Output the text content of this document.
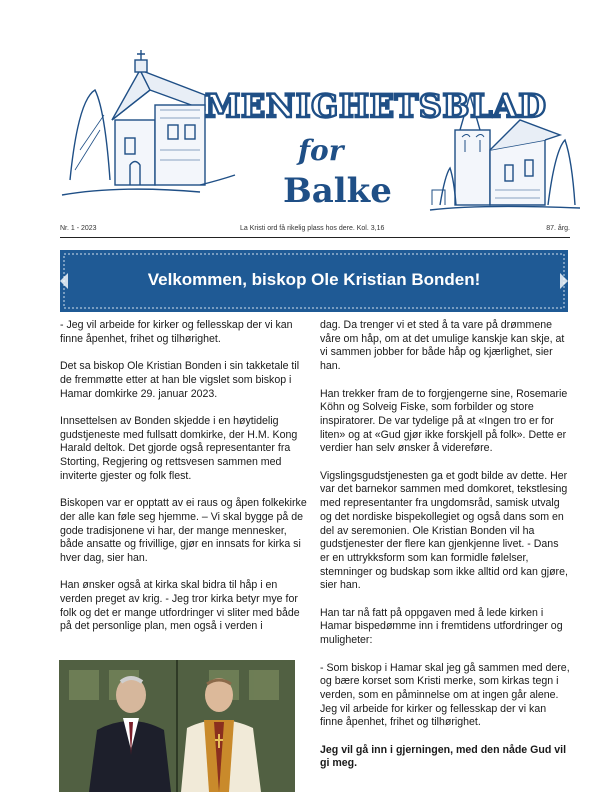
MENIGHETSBLAD
for
Balke
Nr. 1 - 2023	La Kristi ord få rikelig plass hos dere. Kol. 3,16	87. årg.
Velkommen, biskop Ole Kristian Bonden!

- Jeg vil arbeide for kirker og fellesskap der vi kan finne åpenhet, frihet og tilhørighet.

Det sa biskop Ole Kristian Bonden i sin takketale til de fremmøtte etter at han ble vigslet som biskop i Hamar domkirke 29. januar 2023.

Innsettelsen av Bonden skjedde i en høytidelig gudstjeneste med fullsatt domkirke, der H.M. Kong Harald deltok. Det gjorde også representanter fra Storting, Regjering og rettsvesen sammen med inviterte gjester og folk flest.

Biskopen var er opptatt av ei raus og åpen folkekirke der alle kan føle seg hjemme. – Vi skal bygge på de gode tradisjonene vi har, der mange mennesker, både ansatte og frivillige, gjør en innsats for kirka si hver dag, sier han.

Han ønsker også at kirka skal bidra til håp i en verden preget av krig. - Jeg tror kirka betyr mye for folk og det er mange utfordringer vi sliter med både på det personlige plan, men også i verden i

dag. Da trenger vi et sted å ta vare på drømmene våre om håp, om at det umulige kanskje kan skje, at vi sammen jobber for både håp og kjærlighet, sier han.

Han trekker fram de to forgjengerne sine, Rosemarie Köhn og Solveig Fiske, som forbilder og store inspiratorer. De var tydelige på at «Ingen tro er for liten» og at «Gud gjør ikke forskjell på folk». Dette er verdier han selv ønsker å videreføre.

Vigslingsgudstjenesten ga et godt bilde av dette. Her var det barnekor sammen med domkoret, tekstlesing med representanter fra ungdomsråd, samisk utvalg og det nordiske bispekollegiet og også dans som en del av seremonien. Ole Kristian Bonden vil ha gudstjenester der flere kan gjenkjenne livet. - Dans er en uttrykksform som kan formidle følelser, stemninger og budskap som ikke alltid ord kan gjøre, sier han.

Han tar nå fatt på oppgaven med å lede kirken i Hamar bispedømme inn i fremtidens utfordringer og muligheter:

- Som biskop i Hamar skal jeg gå sammen med dere, og bære korset som Kristi merke, som kirkas tegn i verden, som en påminnelse om at ingen går alene. Jeg vil arbeide for kirker og fellesskap der vi kan finne åpenhet, frihet og tilhørighet.

Jeg vil gå inn i gjerningen, med den nåde Gud vil gi meg.
